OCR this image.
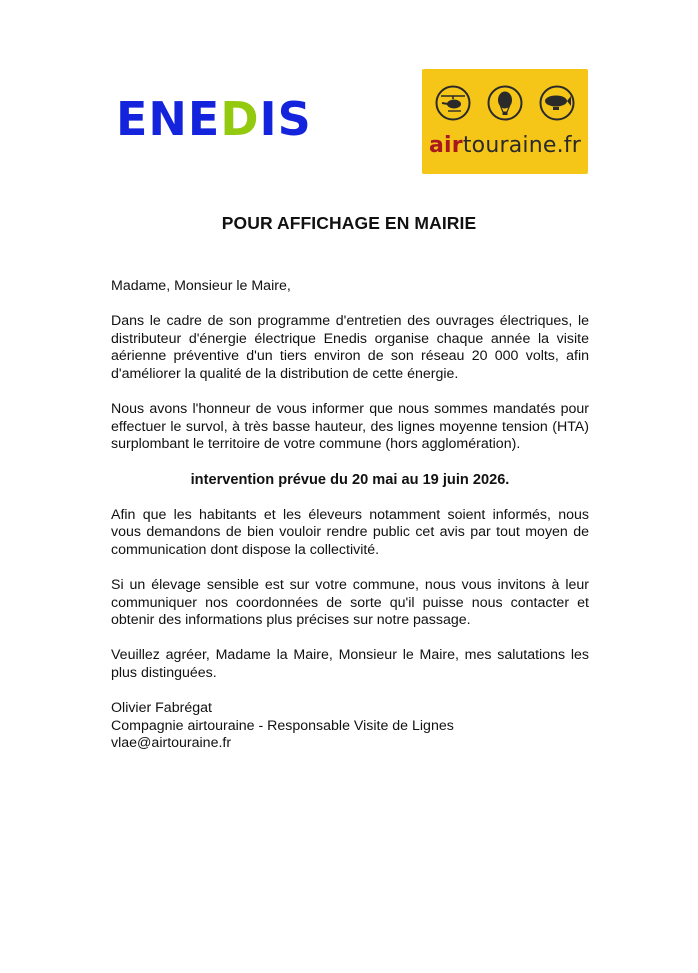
ENEDIS	airtouraine.fr
POUR AFFICHAGE EN MAIRIE

Madame, Monsieur le Maire,

Dans le cadre de son programme d'entretien des ouvrages électriques, le distributeur d'énergie électrique Enedis organise chaque année la visite aérienne préventive d'un tiers environ de son réseau 20 000 volts, afin d'améliorer la qualité de la distribution de cette énergie.

Nous avons l'honneur de vous informer que nous sommes mandatés pour effectuer le survol, à très basse hauteur, des lignes moyenne tension (HTA) surplombant le territoire de votre commune (hors agglomération).

intervention prévue du 20 mai au 19 juin 2026.

Afin que les habitants et les éleveurs notamment soient informés, nous vous demandons de bien vouloir rendre public cet avis par tout moyen de communication dont dispose la collectivité.

Si un élevage sensible est sur votre commune, nous vous invitons à leur communiquer nos coordonnées de sorte qu'il puisse nous contacter et obtenir des informations plus précises sur notre passage.

Veuillez agréer, Madame la Maire, Monsieur le Maire, mes salutations les plus distinguées.

Olivier Fabrégat
Compagnie airtouraine - Responsable Visite de Lignes
vlae@airtouraine.fr
